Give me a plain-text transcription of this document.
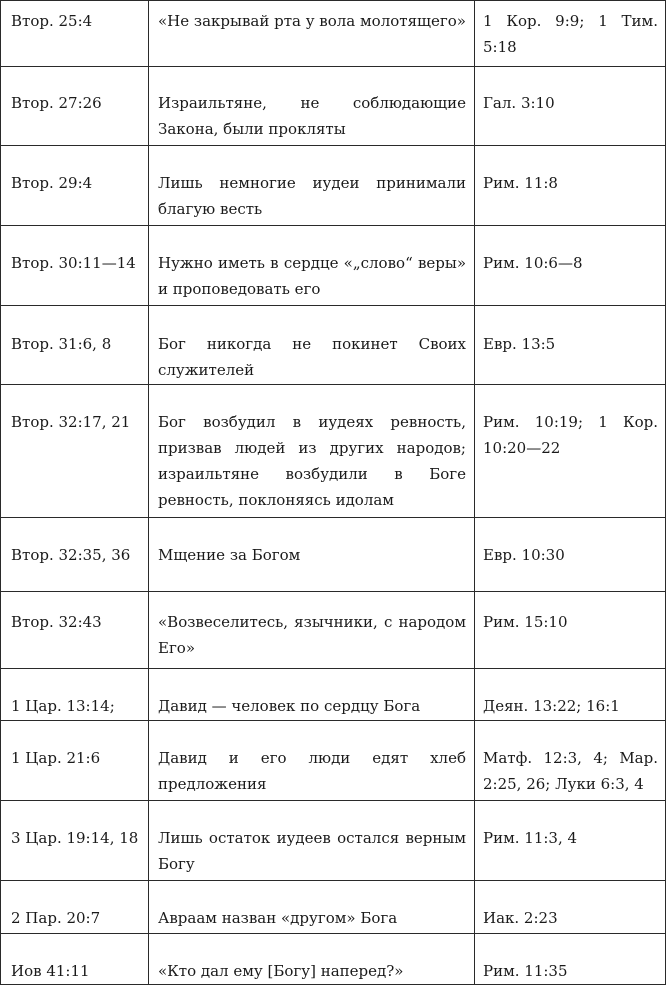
Втор. 25:4	«Не закрывай рта у вола молотящего»	1 Кор. 9:9; 1 Тим. 5:18
Втор. 27:26	Израильтяне, не соблюдающие Закона, были прокляты	Гал. 3:10
Втор. 29:4	Лишь немногие иудеи принимали благую весть	Рим. 11:8
Втор. 30:11—14	Нужно иметь в сердце «„слово“ веры» и проповедовать его	Рим. 10:6—8
Втор. 31:6, 8	Бог никогда не покинет Своих служителей	Евр. 13:5
Втор. 32:17, 21	Бог возбудил в иудеях ревность, призвав людей из других народов; израильтяне возбудили в Боге ревность, поклоняясь идолам	Рим. 10:19; 1 Кор. 10:20—22
Втор. 32:35, 36	Мщение за Богом	Евр. 10:30
Втор. 32:43	«Возвеселитесь, язычники, с народом Его»	Рим. 15:10
1 Цар. 13:14;	Давид — человек по сердцу Бога	Деян. 13:22; 16:1
1 Цар. 21:6	Давид и его люди едят хлеб предложения	Матф. 12:3, 4; Мар. 2:25, 26; Луки 6:3, 4
3 Цар. 19:14, 18	Лишь остаток иудеев остался верным Богу	Рим. 11:3, 4
2 Пар. 20:7	Авраам назван «другом» Бога	Иак. 2:23
Иов 41:11	«Кто дал ему [Богу] наперед?»	Рим. 11:35
